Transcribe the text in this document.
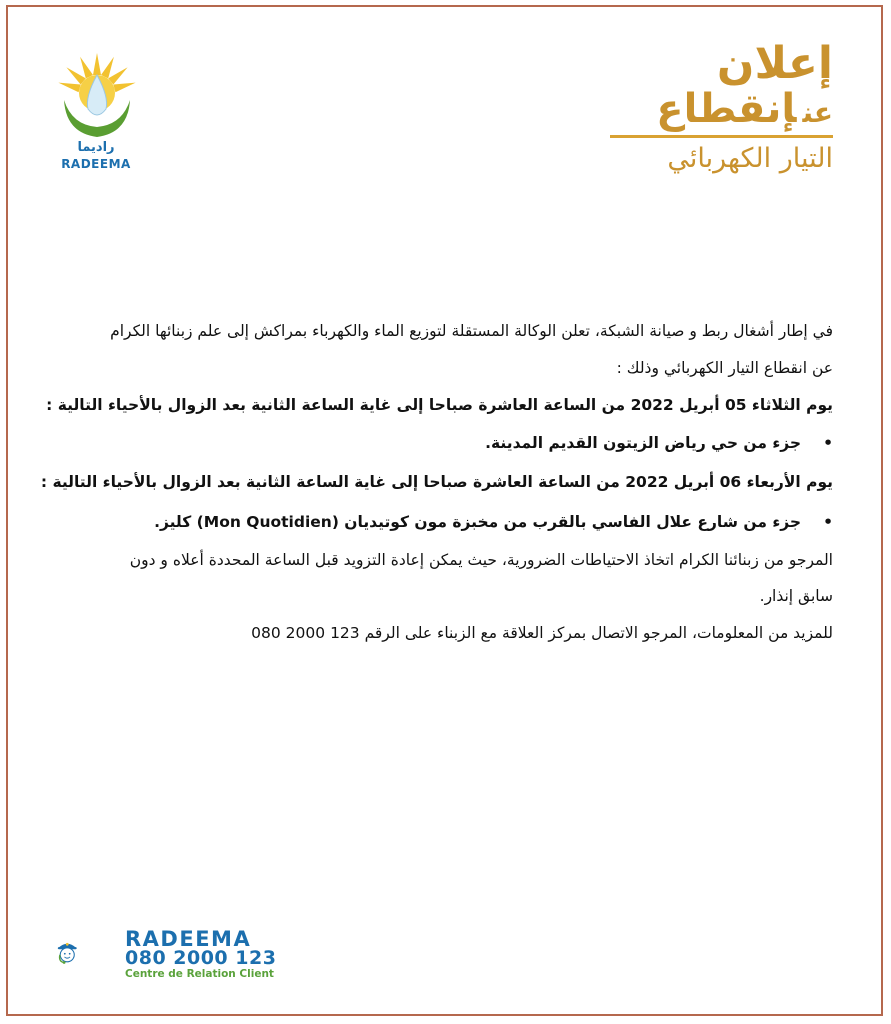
راديما
RADEEMA
إعلان
عنإنقطاع
التيار الكهربائي
في إطار أشغال ربط و صيانة الشبكة، تعلن الوكالة المستقلة لتوزيع الماء والكهرباء بمراكش إلى علم زبنائها الكرام
عن انقطاع التيار الكهربائي وذلك :
يوم الثلاثاء 05 أبريل 2022 من الساعة العاشرة صباحا إلى غاية الساعة الثانية بعد الزوال بالأحياء التالية :
•جزء من حي رياض الزيتون القديم المدينة.
يوم الأربعاء 06 أبريل 2022 من الساعة العاشرة صباحا إلى غاية الساعة الثانية بعد الزوال بالأحياء التالية :
•جزء من شارع علال الفاسي بالقرب من مخبزة مون كوتيديان (Mon Quotidien) كليز.
المرجو من زبنائنا الكرام اتخاذ الاحتياطات الضرورية، حيث يمكن إعادة التزويد قبل الساعة المحددة أعلاه و دون
سابق إنذار.
للمزيد من المعلومات، المرجو الاتصال بمركز العلاقة مع الزبناء على الرقم 123 2000 080
RADEEMA
080 2000 123
Centre de Relation Client
